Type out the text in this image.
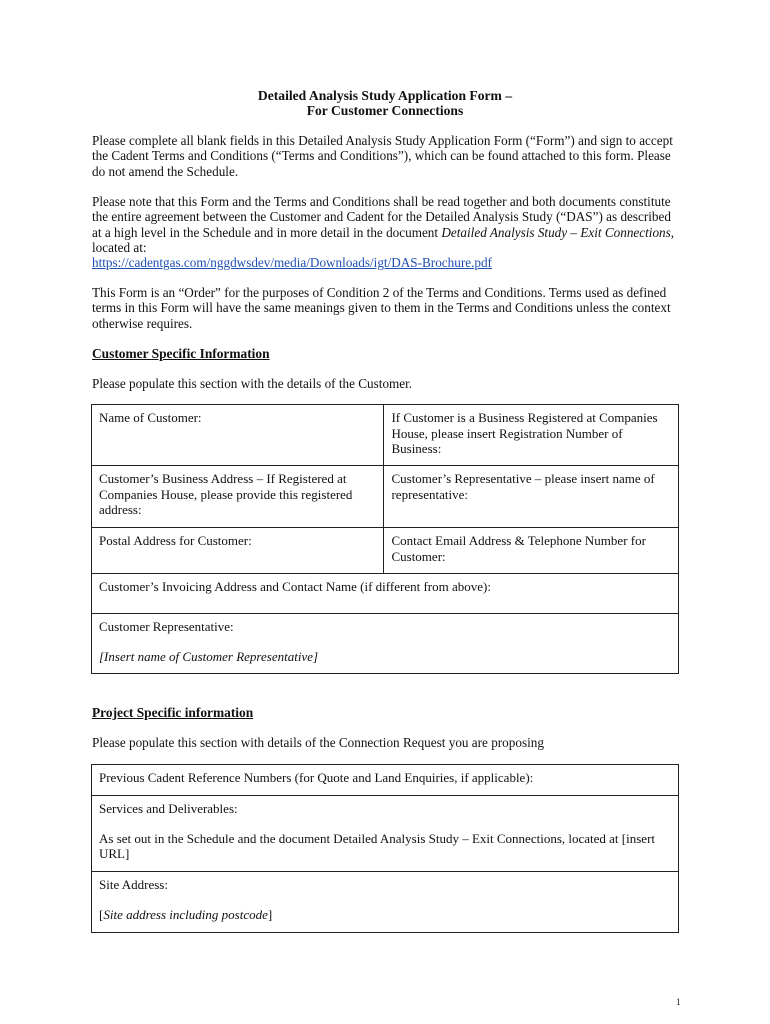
Detailed Analysis Study Application Form –
For Customer Connections

Please complete all blank fields in this Detailed Analysis Study Application Form (“Form”) and sign to accept the Cadent Terms and Conditions (“Terms and Conditions”), which can be found attached to this form. Please do not amend the Schedule.

Please note that this Form and the Terms and Conditions shall be read together and both documents constitute the entire agreement between the Customer and Cadent for the Detailed Analysis Study (“DAS”) as described at a high level in the Schedule and in more detail in the document Detailed Analysis Study – Exit Connections, located at:
https://cadentgas.com/nggdwsdev/media/Downloads/igt/DAS-Brochure.pdf

This Form is an “Order” for the purposes of Condition 2 of the Terms and Conditions. Terms used as defined terms in this Form will have the same meanings given to them in the Terms and Conditions unless the context otherwise requires.

Customer Specific Information
Please populate this section with the details of the Customer.
Name of Customer:	If Customer is a Business Registered at Companies House, please insert Registration Number of Business:
Customer’s Business Address – If Registered at Companies House, please provide this registered address:	Customer’s Representative – please insert name of representative:
Postal Address for Customer:	Contact Email Address & Telephone Number for Customer:
Customer’s Invoicing Address and Contact Name (if different from above):	

Customer Representative:
[Insert name of Customer Representative]	
Project Specific information
Please populate this section with details of the Connection Request you are proposing
Previous Cadent Reference Numbers (for Quote and Land Enquiries, if applicable):

Services and Deliverables:
As set out in the Schedule and the document Detailed Analysis Study – Exit Connections, located at [insert URL]

Site Address:
[Site address including postcode]
1
